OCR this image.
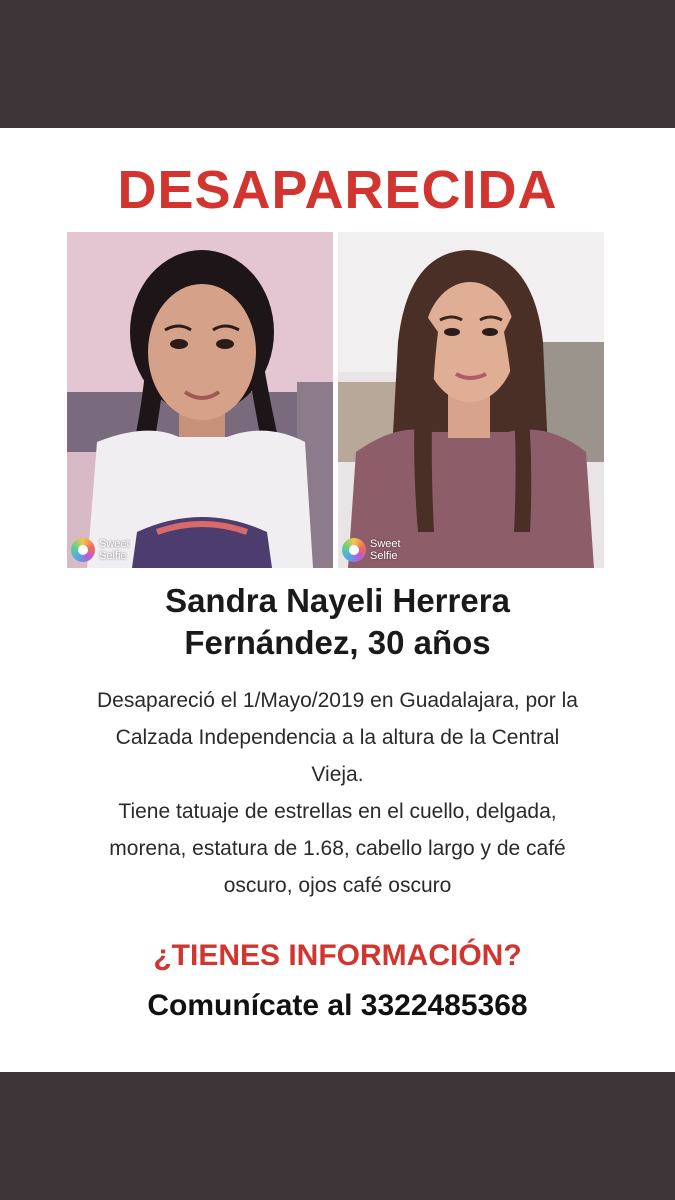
DESAPARECIDA
Sweet
Selfie
Sweet
Selfie
Sandra Nayeli Herrera
Fernández, 30 años
Desapareció el 1/Mayo/2019 en Guadalajara, por la
Calzada Independencia a la altura de la Central
Vieja.
Tiene tatuaje de estrellas en el cuello, delgada,
morena, estatura de 1.68, cabello largo y de café
oscuro, ojos café oscuro
¿TIENES INFORMACIÓN?
Comunícate al 3322485368
